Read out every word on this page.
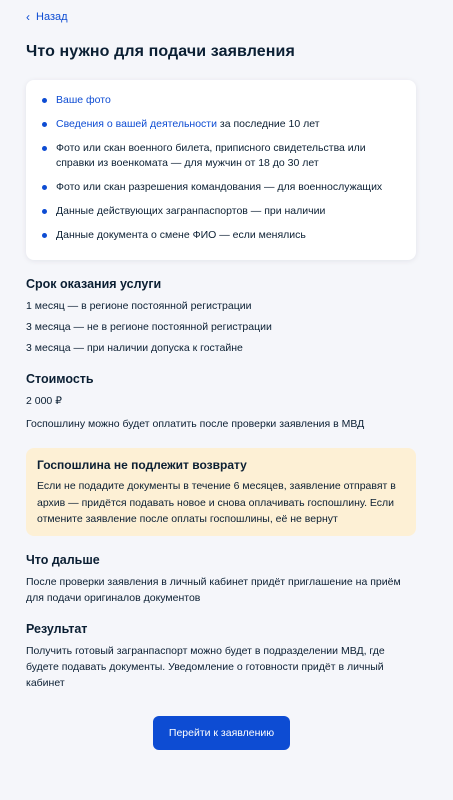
‹ Назад
Что нужно для подачи заявления
Ваше фото
Сведения о вашей деятельности за последние 10 лет
Фото или скан военного билета, приписного свидетельства или справки из военкомата — для мужчин от 18 до 30 лет
Фото или скан разрешения командования — для военнослужащих
Данные действующих загранпаспортов — при наличии
Данные документа о смене ФИО — если менялись
Срок оказания услуги
1 месяц — в регионе постоянной регистрации
3 месяца — не в регионе постоянной регистрации
3 месяца — при наличии допуска к гостайне
Стоимость
2 000 ₽
Госпошлину можно будет оплатить после проверки заявления в МВД
Госпошлина не подлежит возврату
Если не подадите документы в течение 6 месяцев, заявление отправят в архив — придётся подавать новое и снова оплачивать госпошлину. Если отмените заявление после оплаты госпошлины, её не вернут
Что дальше
После проверки заявления в личный кабинет придёт приглашение на приём для подачи оригиналов документов
Результат
Получить готовый загранпаспорт можно будет в подразделении МВД, где будете подавать документы. Уведомление о готовности придёт в личный кабинет
Перейти к заявлению
